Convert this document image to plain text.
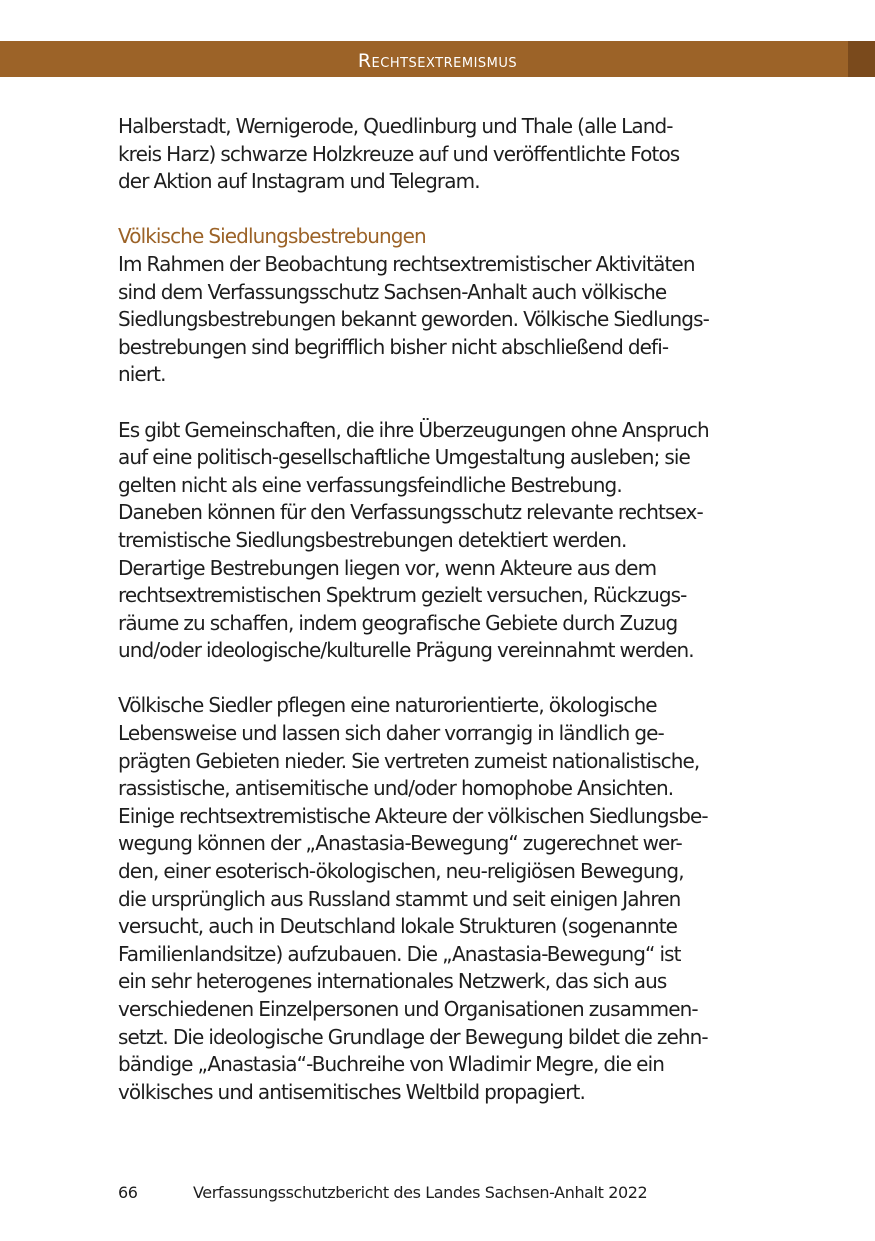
Rechtsextremismus

Halberstadt, Wernigerode, Quedlinburg und Thale (alle Land-
kreis Harz) schwarze Holzkreuze auf und veröffentlichte Fotos
der Aktion auf Instagram und Telegram.

Völkische Siedlungsbestrebungen

Im Rahmen der Beobachtung rechtsextremistischer Aktivitäten
sind dem Verfassungsschutz Sachsen-Anhalt auch völkische
Siedlungsbestrebungen bekannt geworden. Völkische Siedlungs-
bestrebungen sind begrifflich bisher nicht abschließend defi-
niert.

Es gibt Gemeinschaften, die ihre Überzeugungen ohne Anspruch
auf eine politisch-gesellschaftliche Umgestaltung ausleben; sie
gelten nicht als eine verfassungsfeindliche Bestrebung.
Daneben können für den Verfassungsschutz relevante rechtsex-
tremistische Siedlungsbestrebungen detektiert werden.
Derartige Bestrebungen liegen vor, wenn Akteure aus dem
rechtsextremistischen Spektrum gezielt versuchen, Rückzugs-
räume zu schaffen, indem geografische Gebiete durch Zuzug
und/oder ideologische/kulturelle Prägung vereinnahmt werden.

Völkische Siedler pflegen eine naturorientierte, ökologische
Lebensweise und lassen sich daher vorrangig in ländlich ge-
prägten Gebieten nieder. Sie vertreten zumeist nationalistische,
rassistische, antisemitische und/oder homophobe Ansichten.
Einige rechtsextremistische Akteure der völkischen Siedlungsbe-
wegung können der „Anastasia-Bewegung“ zugerechnet wer-
den, einer esoterisch-ökologischen, neu-religiösen Bewegung,
die ursprünglich aus Russland stammt und seit einigen Jahren
versucht, auch in Deutschland lokale Strukturen (sogenannte
Familienlandsitze) aufzubauen. Die „Anastasia-Bewegung“ ist
ein sehr heterogenes internationales Netzwerk, das sich aus
verschiedenen Einzelpersonen und Organisationen zusammen-
setzt. Die ideologische Grundlage der Bewegung bildet die zehn-
bändige „Anastasia“-Buchreihe von Wladimir Megre, die ein
völkisches und antisemitisches Weltbild propagiert.

66	Verfassungsschutzbericht des Landes Sachsen-Anhalt 2022
